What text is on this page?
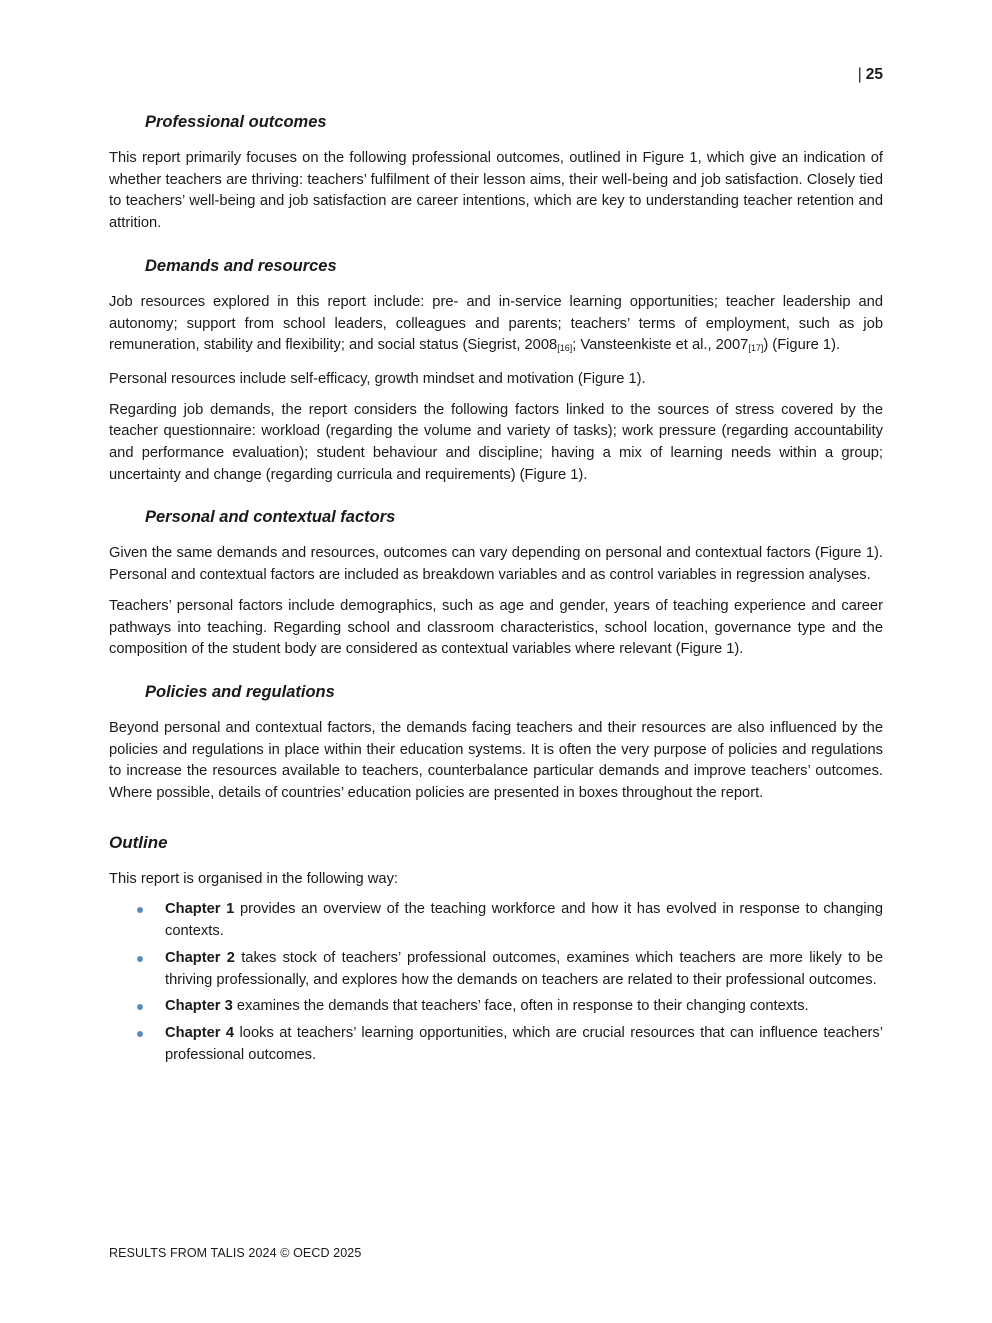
| 25
Professional outcomes

This report primarily focuses on the following professional outcomes, outlined in Figure 1, which give an indication of whether teachers are thriving: teachers’ fulfilment of their lesson aims, their well-being and job satisfaction. Closely tied to teachers’ well-being and job satisfaction are career intentions, which are key to understanding teacher retention and attrition.

Demands and resources

Job resources explored in this report include: pre- and in-service learning opportunities; teacher leadership and autonomy; support from school leaders, colleagues and parents; teachers’ terms of employment, such as job remuneration, stability and flexibility; and social status (Siegrist, $2008_{[16]}$; Vansteenkiste et al., $2007_{[17]}$) (Figure 1).

Personal resources include self-efficacy, growth mindset and motivation (Figure 1).

Regarding job demands, the report considers the following factors linked to the sources of stress covered by the teacher questionnaire: workload (regarding the volume and variety of tasks); work pressure (regarding accountability and performance evaluation); student behaviour and discipline; having a mix of learning needs within a group; uncertainty and change (regarding curricula and requirements) (Figure 1).

Personal and contextual factors

Given the same demands and resources, outcomes can vary depending on personal and contextual factors (Figure 1). Personal and contextual factors are included as breakdown variables and as control variables in regression analyses.

Teachers’ personal factors include demographics, such as age and gender, years of teaching experience and career pathways into teaching. Regarding school and classroom characteristics, school location, governance type and the composition of the student body are considered as contextual variables where relevant (Figure 1).

Policies and regulations

Beyond personal and contextual factors, the demands facing teachers and their resources are also influenced by the policies and regulations in place within their education systems. It is often the very purpose of policies and regulations to increase the resources available to teachers, counterbalance particular demands and improve teachers’ outcomes. Where possible, details of countries’ education policies are presented in boxes throughout the report.

Outline

This report is organised in the following way:

Chapter 1 provides an overview of the teaching workforce and how it has evolved in response to changing contexts.
Chapter 2 takes stock of teachers’ professional outcomes, examines which teachers are more likely to be thriving professionally, and explores how the demands on teachers are related to their professional outcomes.
Chapter 3 examines the demands that teachers’ face, often in response to their changing contexts.
Chapter 4 looks at teachers’ learning opportunities, which are crucial resources that can influence teachers’ professional outcomes.
RESULTS FROM TALIS 2024 © OECD 2025
